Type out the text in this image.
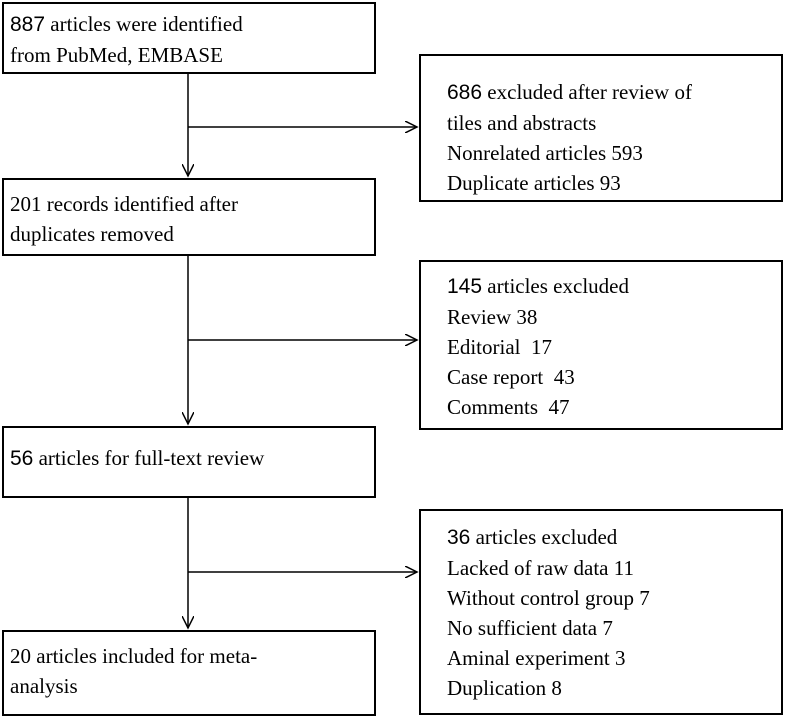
887 articles were identified
from PubMed, EMBASE
201 records identified after
duplicates removed
56 articles for full-text review
20 articles included for meta-
analysis
686 excluded after review of
tiles and abstracts
Nonrelated articles 593
Duplicate articles 93
145 articles excluded
Review 38
Editorial  17
Case report  43
Comments  47
36 articles excluded
Lacked of raw data 11
Without control group 7
No sufficient data 7
Aminal experiment 3
Duplication 8
